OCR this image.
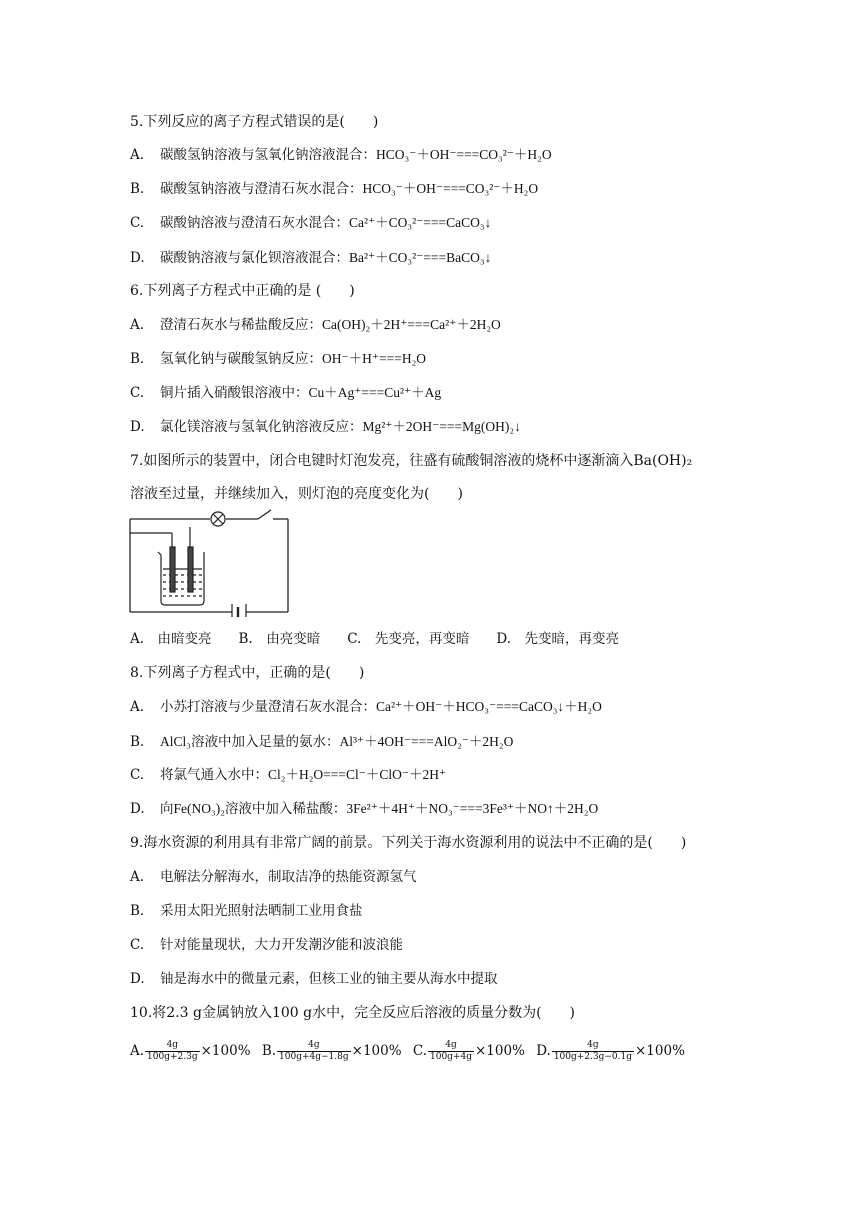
5.下列反应的离子方程式错误的是(　　)
A. 碳酸氢钠溶液与氢氧化钠溶液混合：HCO₃⁻＋OH⁻===CO₃²⁻＋H₂O
B. 碳酸氢钠溶液与澄清石灰水混合：HCO₃⁻＋OH⁻===CO₃²⁻＋H₂O
C. 碳酸钠溶液与澄清石灰水混合：Ca²⁺＋CO₃²⁻===CaCO₃↓
D. 碳酸钠溶液与氯化钡溶液混合：Ba²⁺＋CO₃²⁻===BaCO₃↓
6.下列离子方程式中正确的是 (　　)
A. 澄清石灰水与稀盐酸反应：Ca(OH)₂＋2H⁺===Ca²⁺＋2H₂O
B. 氢氧化钠与碳酸氢钠反应：OH⁻＋H⁺===H₂O
C. 铜片插入硝酸银溶液中：Cu＋Ag⁺===Cu²⁺＋Ag
D. 氯化镁溶液与氢氧化钠溶液反应：Mg²⁺＋2OH⁻===Mg(OH)₂↓
7.如图所示的装置中，闭合电键时灯泡发亮，往盛有硫酸铜溶液的烧杯中逐渐滴入Ba(OH)₂
溶液至过量，并继续加入，则灯泡的亮度变化为(　　)
A.　由暗变亮　　B.　由亮变暗　　C.　先变亮，再变暗　　D.　先变暗，再变亮
8.下列离子方程式中，正确的是(　　)
A. 小苏打溶液与少量澄清石灰水混合：Ca²⁺＋OH⁻＋HCO₃⁻===CaCO₃↓＋H₂O
B. AlCl₃溶液中加入足量的氨水：Al³⁺＋4OH⁻===AlO₂⁻＋2H₂O
C. 将氯气通入水中：Cl₂＋H₂O===Cl⁻＋ClO⁻＋2H⁺
D. 向Fe(NO₃)₂溶液中加入稀盐酸：3Fe²⁺＋4H⁺＋NO₃⁻===3Fe³⁺＋NO↑＋2H₂O
9.海水资源的利用具有非常广阔的前景。下列关于海水资源利用的说法中不正确的是(　　)
A. 电解法分解海水，制取洁净的热能资源氢气
B. 采用太阳光照射法晒制工业用食盐
C. 针对能量现状，大力开发潮汐能和波浪能
D. 铀是海水中的微量元素，但核工业的铀主要从海水中提取
10.将2.3 g金属钠放入100 g水中，完全反应后溶液的质量分数为(　　)
A. $\frac{4g}{100g+2.3g} \times 100\%$ B. $\frac{4g}{100g+4g-1.8g} \times 100\%$ C. $\frac{4g}{100g+4g} \times 100\%$ D. $\frac{4g}{100g+2.3g-0.1g} \times 100\%$
